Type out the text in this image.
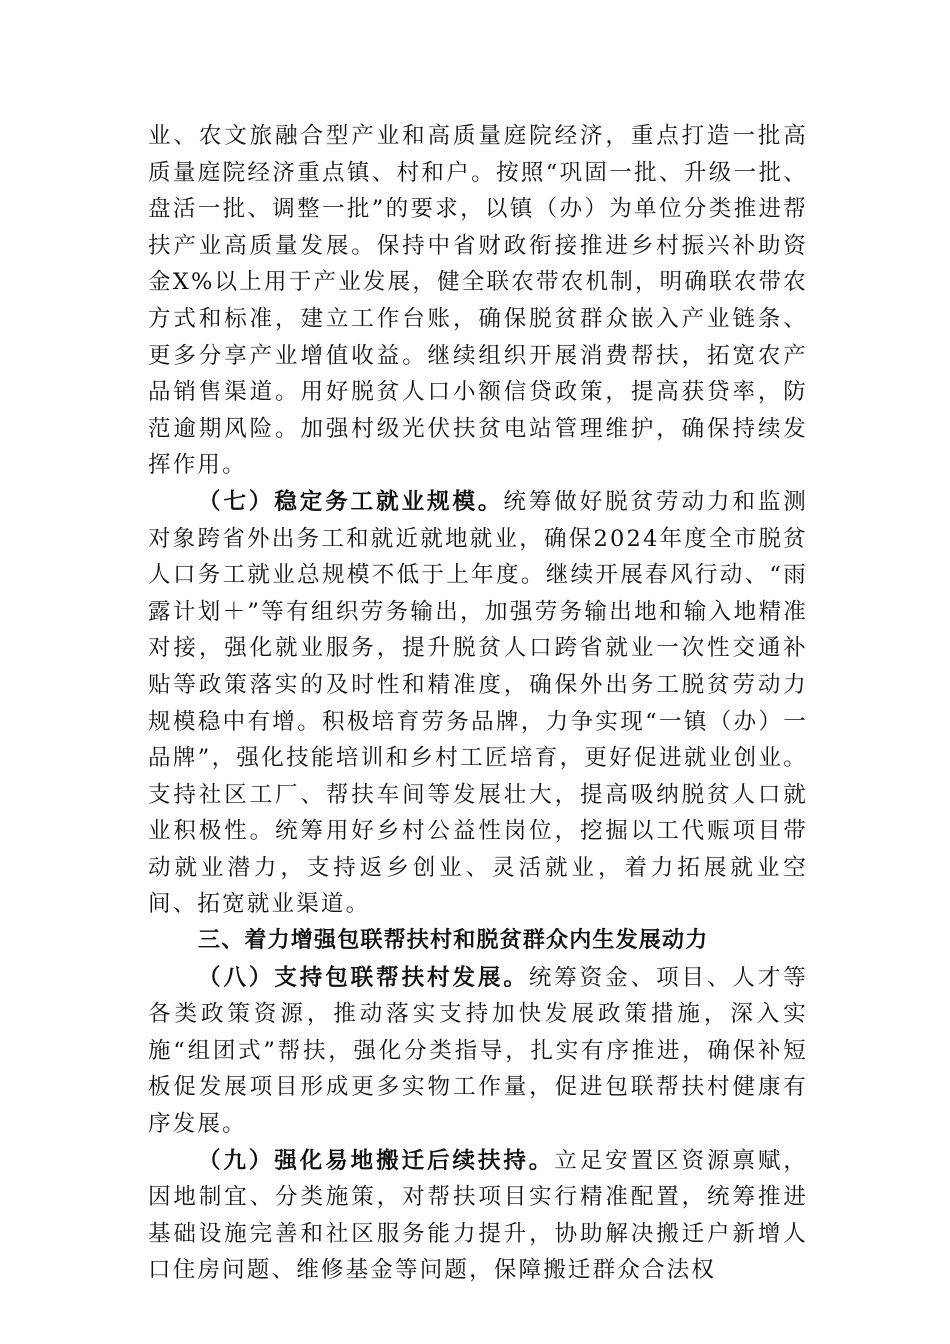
业、农文旅融合型产业和高质量庭院经济，重点打造一批高质量庭院经济重点镇、村和户。按照“巩固一批、升级一批、盘活一批、调整一批”的要求，以镇（办）为单位分类推进帮扶产业高质量发展。保持中省财政衔接推进乡村振兴补助资金X%以上用于产业发展，健全联农带农机制，明确联农带农方式和标准，建立工作台账，确保脱贫群众嵌入产业链条、更多分享产业增值收益。继续组织开展消费帮扶，拓宽农产品销售渠道。用好脱贫人口小额信贷政策，提高获贷率，防范逾期风险。加强村级光伏扶贫电站管理维护，确保持续发挥作用。

（七）稳定务工就业规模。统筹做好脱贫劳动力和监测对象跨省外出务工和就近就地就业，确保2024年度全市脱贫人口务工就业总规模不低于上年度。继续开展春风行动、“雨露计划＋”等有组织劳务输出，加强劳务输出地和输入地精准对接，强化就业服务，提升脱贫人口跨省就业一次性交通补贴等政策落实的及时性和精准度，确保外出务工脱贫劳动力规模稳中有增。积极培育劳务品牌，力争实现“一镇（办）一品牌”，强化技能培训和乡村工匠培育，更好促进就业创业。支持社区工厂、帮扶车间等发展壮大，提高吸纳脱贫人口就业积极性。统筹用好乡村公益性岗位，挖掘以工代赈项目带动就业潜力，支持返乡创业、灵活就业，着力拓展就业空间、拓宽就业渠道。

三、着力增强包联帮扶村和脱贫群众内生发展动力

（八）支持包联帮扶村发展。统筹资金、项目、人才等各类政策资源，推动落实支持加快发展政策措施，深入实施“组团式”帮扶，强化分类指导，扎实有序推进，确保补短板促发展项目形成更多实物工作量，促进包联帮扶村健康有序发展。

（九）强化易地搬迁后续扶持。立足安置区资源禀赋，因地制宜、分类施策，对帮扶项目实行精准配置，统筹推进基础设施完善和社区服务能力提升，协助解决搬迁户新增人口住房问题、维修基金等问题，保障搬迁群众合法权
